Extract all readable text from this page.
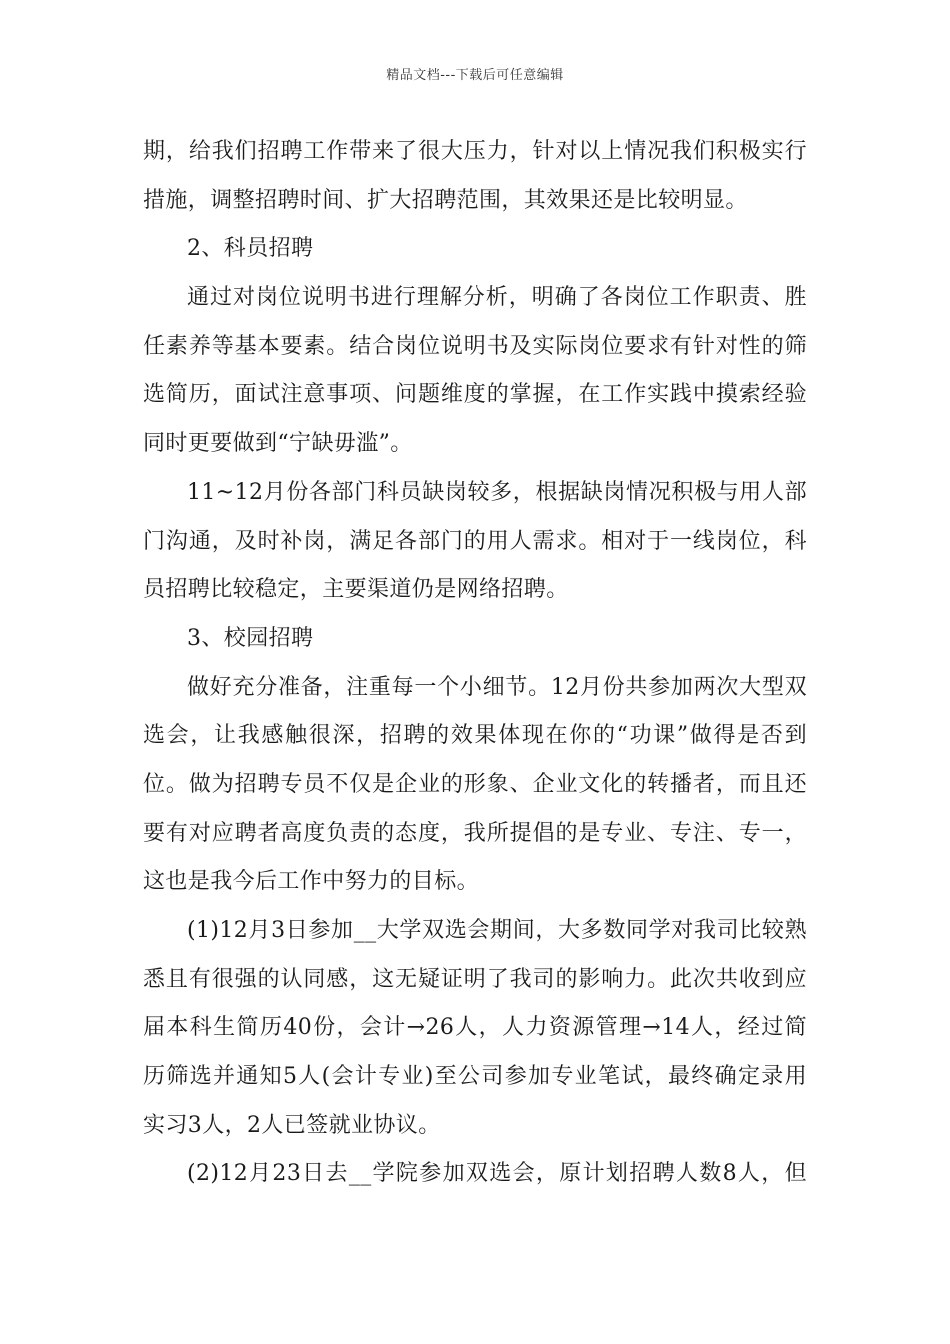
精品文档---下载后可任意编辑
期，给我们招聘工作带来了很大压力，针对以上情况我们积极实行
措施，调整招聘时间、扩大招聘范围，其效果还是比较明显。
2、科员招聘
通过对岗位说明书进行理解分析，明确了各岗位工作职责、胜
任素养等基本要素。结合岗位说明书及实际岗位要求有针对性的筛
选简历，面试注意事项、问题维度的掌握，在工作实践中摸索经验
同时更要做到“宁缺毋滥”。
11~12月份各部门科员缺岗较多，根据缺岗情况积极与用人部
门沟通，及时补岗，满足各部门的用人需求。相对于一线岗位，科
员招聘比较稳定，主要渠道仍是网络招聘。
3、校园招聘
做好充分准备，注重每一个小细节。12月份共参加两次大型双
选会，让我感触很深，招聘的效果体现在你的“功课”做得是否到
位。做为招聘专员不仅是企业的形象、企业文化的转播者，而且还
要有对应聘者高度负责的态度，我所提倡的是专业、专注、专一，
这也是我今后工作中努力的目标。
(1)12月3日参加__大学双选会期间，大多数同学对我司比较熟
悉且有很强的认同感，这无疑证明了我司的影响力。此次共收到应
届本科生简历40份，会计→26人，人力资源管理→14人，经过简
历筛选并通知5人(会计专业)至公司参加专业笔试，最终确定录用
实习3人，2人已签就业协议。
(2)12月23日去__学院参加双选会，原计划招聘人数8人，但
